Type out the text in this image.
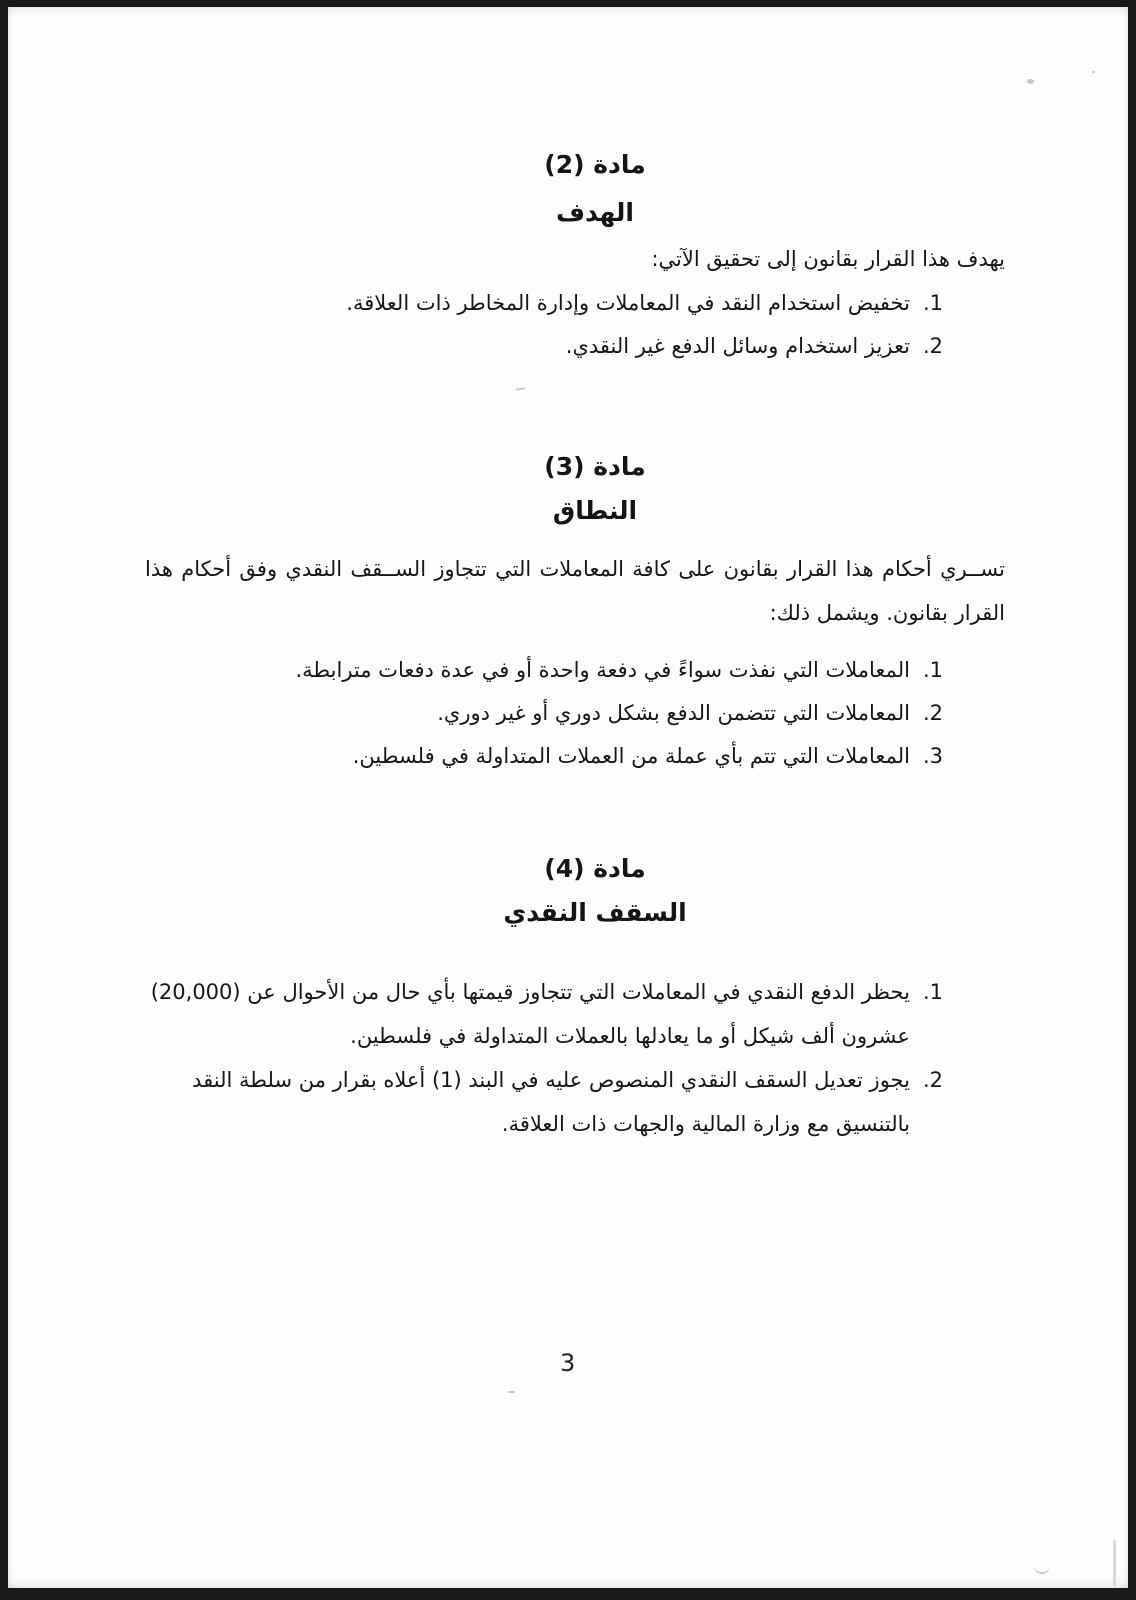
مادة (2)
الهدف
يهدف هذا القرار بقانون إلى تحقيق الآتي:
1.
تخفيض استخدام النقد في المعاملات وإدارة المخاطر ذات العلاقة.
2.
تعزيز استخدام وسائل الدفع غير النقدي.
مادة (3)
النطاق
تســري أحكام هذا القرار بقانون على كافة المعاملات التي تتجاوز الســقف النقدي وفق أحكام هذا القرار بقانون. ويشمل ذلك:
1.
المعاملات التي نفذت سواءً في دفعة واحدة أو في عدة دفعات مترابطة.
2.
المعاملات التي تتضمن الدفع بشكل دوري أو غير دوري.
3.
المعاملات التي تتم بأي عملة من العملات المتداولة في فلسطين.
مادة (4)
السقف النقدي
1.
يحظر الدفع النقدي في المعاملات التي تتجاوز قيمتها بأي حال من الأحوال عن (20,000) عشرون ألف شيكل أو ما يعادلها بالعملات المتداولة في فلسطين.
2.
يجوز تعديل السقف النقدي المنصوص عليه في البند (1) أعلاه بقرار من سلطة النقد بالتنسيق مع وزارة المالية والجهات ذات العلاقة.
3
